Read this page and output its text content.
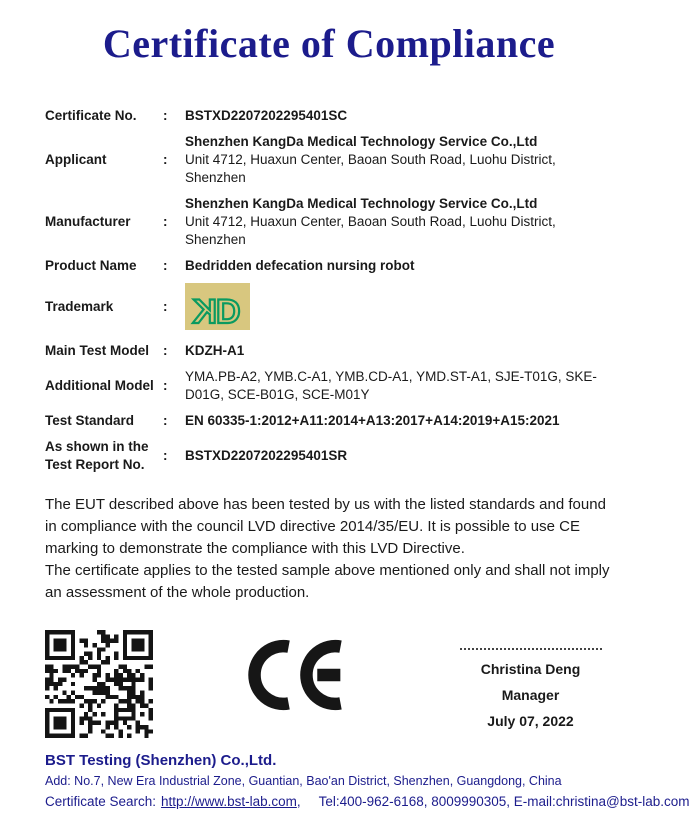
Certificate of Compliance
Certificate No.	:	BSTXD2207202295401SC
Applicant	:
Shenzhen KangDa Medical Technology Service Co.,Ltd
Unit 4712, Huaxun Center, Baoan South Road, Luohu District, Shenzhen
Manufacturer	:
Shenzhen KangDa Medical Technology Service Co.,Ltd
Unit 4712, Huaxun Center, Baoan South Road, Luohu District, Shenzhen
Product Name	:	Bedridden defecation nursing robot
Trademark	: K D
Main Test Model	:	KDZH-A1
Additional Model :
YMA.PB-A2, YMB.C-A1, YMB.CD-A1, YMD.ST-A1, SJE-T01G, SKE-D01G, SCE-B01G, SCE-M01Y
Test Standard	:	EN 60335-1:2012+A11:2014+A13:2017+A14:2019+A15:2021
As shown in the Test Report No.
:	BSTXD2207202295401SR
The EUT described above has been tested by us with the listed standards and found in compliance with the council LVD directive 2014/35/EU. It is possible to use CE marking to demonstrate the compliance with this LVD Directive.
The certificate applies to the tested sample above mentioned only and shall not imply an assessment of the whole production.
Christina Deng
Manager
July 07, 2022
BST Testing (Shenzhen) Co.,Ltd.
Add: No.7, New Era Industrial Zone, Guantian, Bao'an District, Shenzhen, Guangdong, China
Certificate Search: http://www.bst-lab.com , Tel:400-962-6168, 8009990305, E-mail:christina@bst-lab.com
